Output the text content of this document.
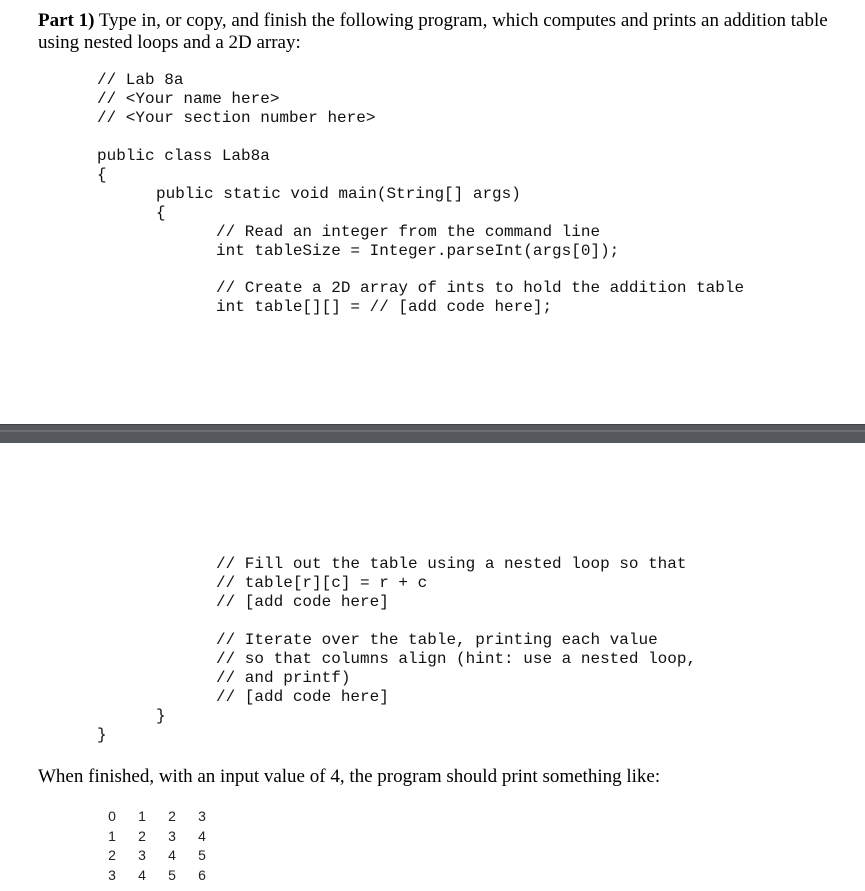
Part 1) Type in, or copy, and finish the following program, which computes and prints an addition table using nested loops and a 2D array:
// Lab 8a
// <Your name here>
// <Your section number here>
public class Lab8a
{
public static void main(String[] args)
{
// Read an integer from the command line
int tableSize = Integer.parseInt(args[0]);
// Create a 2D array of ints to hold the addition table
int table[][] = // [add code here];
// Fill out the table using a nested loop so that
// table[r][c] = r + c
// [add code here]
// Iterate over the table, printing each value
// so that columns align (hint: use a nested loop,
// and printf)
// [add code here]
}
}
When finished, with an input value of 4, the program should print something like:
0 1 2 3
1 2 3 4
2 3 4 5
3 4 5 6
